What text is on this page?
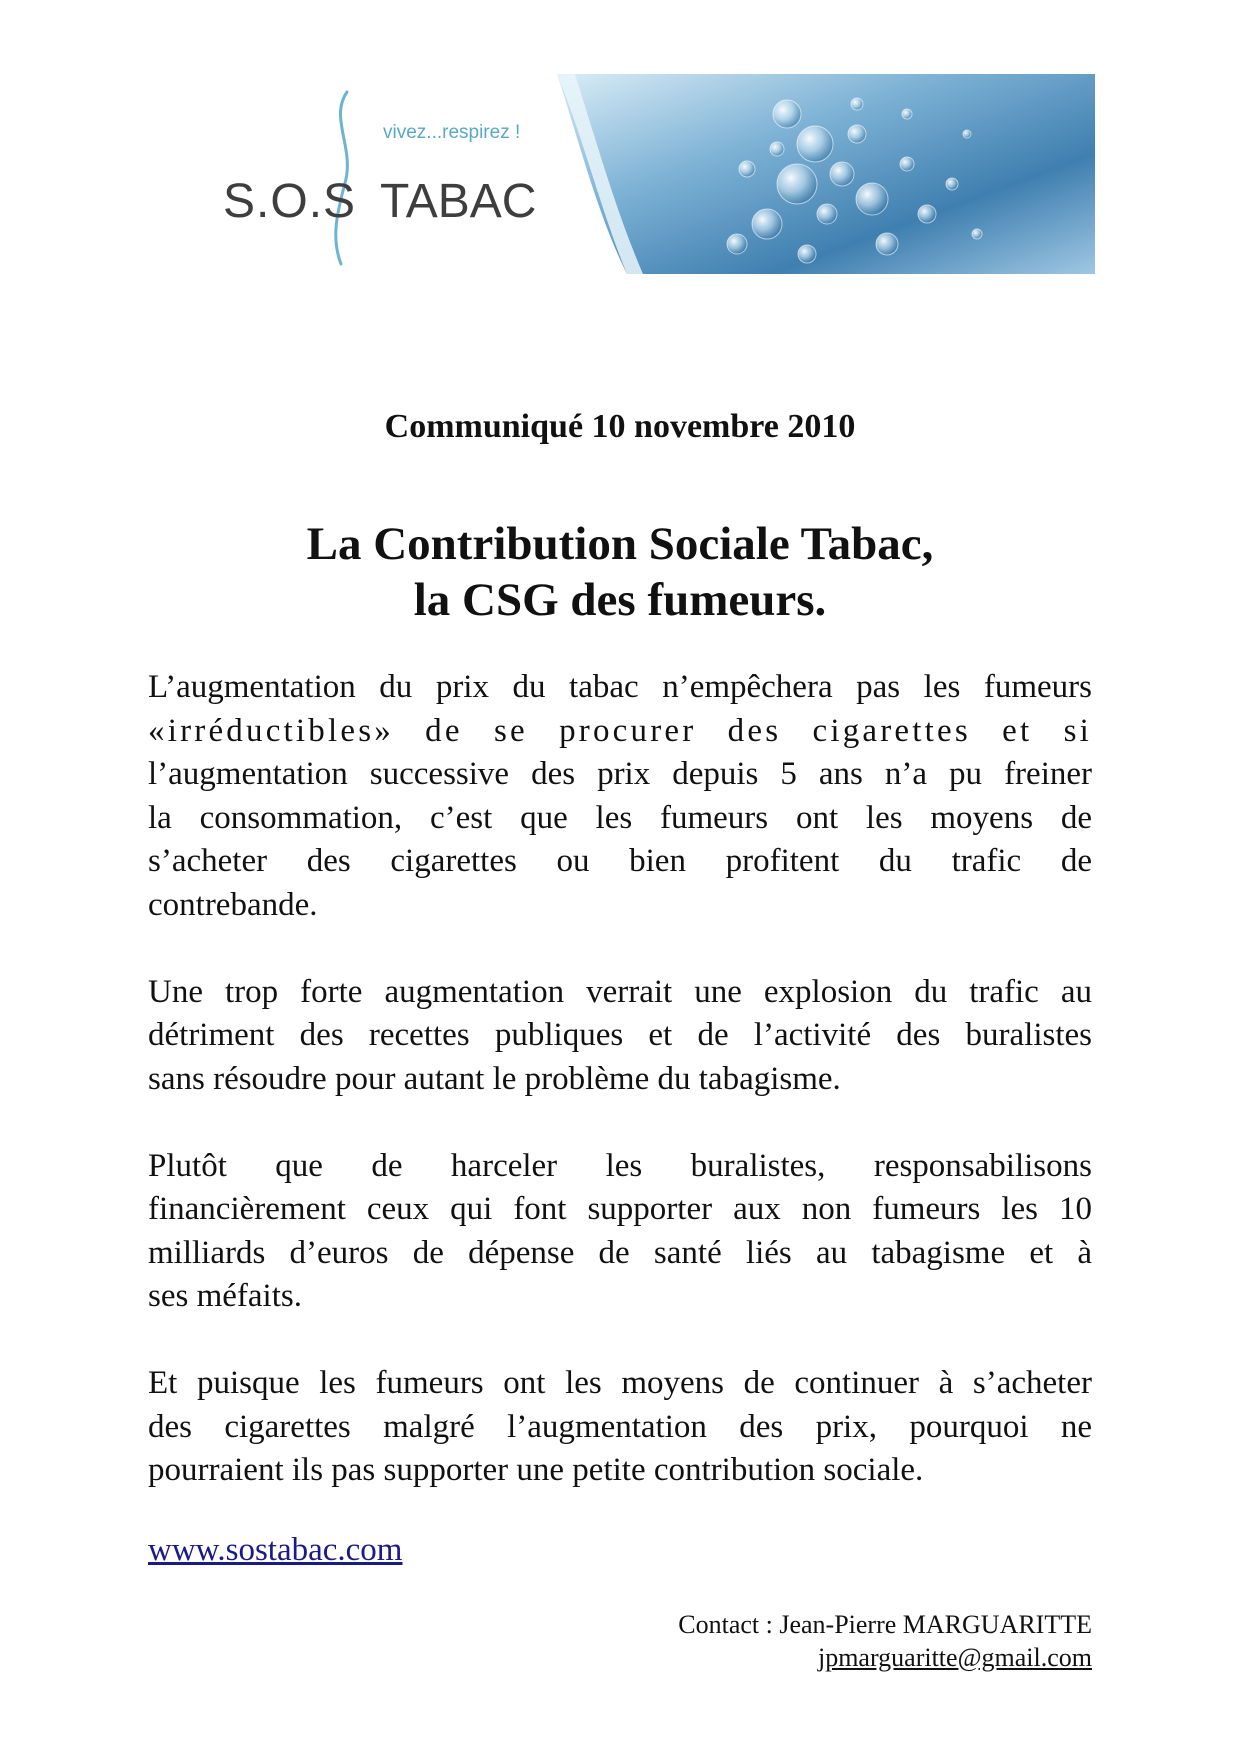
vivez...respirez !
S.O.S TABAC

Communiqué 10 novembre 2010

La Contribution Sociale Tabac,
la CSG des fumeurs.
L’augmentation du prix du tabac n’empêchera pas les fumeurs
«irréductibles» de se procurer des cigarettes et si
l’augmentation successive des prix depuis 5 ans n’a pu freiner
la consommation, c’est que les fumeurs ont les moyens de
s’acheter des cigarettes ou bien profitent du trafic de
contrebande.
Une trop forte augmentation verrait une explosion du trafic au
détriment des recettes publiques et de l’activité des buralistes
sans résoudre pour autant le problème du tabagisme.
Plutôt que de harceler les buralistes, responsabilisons
financièrement ceux qui font supporter aux non fumeurs les 10
milliards d’euros de dépense de santé liés au tabagisme et à
ses méfaits.
Et puisque les fumeurs ont les moyens de continuer à s’acheter
des cigarettes malgré l’augmentation des prix, pourquoi ne
pourraient ils pas supporter une petite contribution sociale.
www.sostabac.com
Contact : Jean-Pierre MARGUARITTE
jpmarguaritte@gmail.com
